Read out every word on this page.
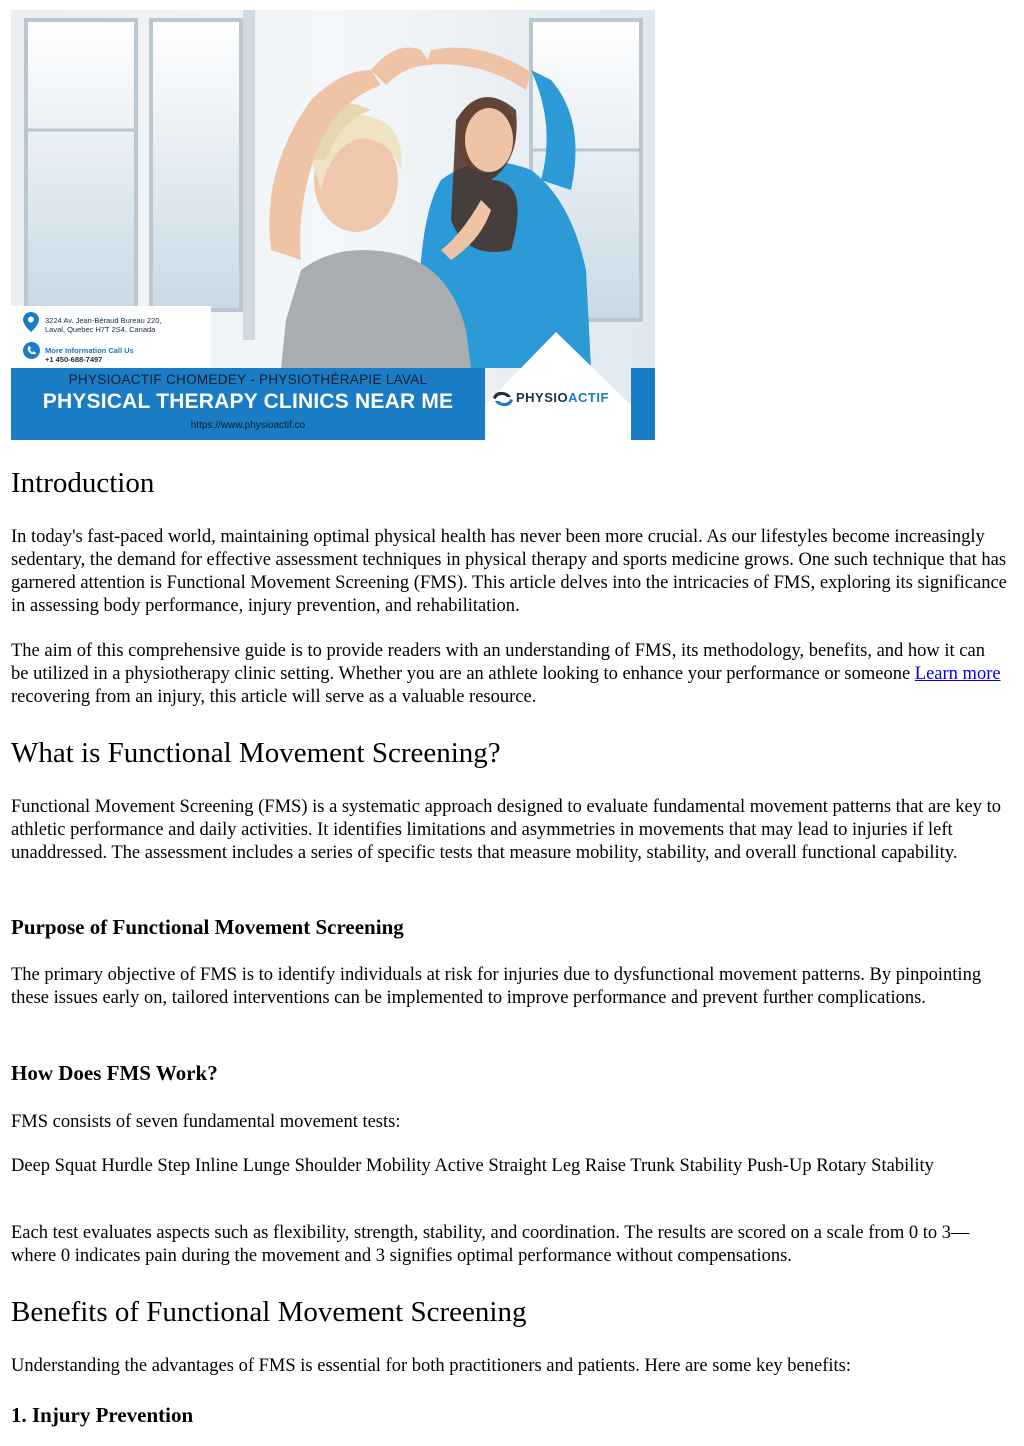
3224 Av. Jean-Béraud Bureau 220,
Laval, Quebec H7T 2S4, Canada
More Information Call Us
+1 450-688-7497
PHYSIOACTIF CHOMEDEY - PHYSIOTHÉRAPIE LAVAL
PHYSICAL THERAPY CLINICS NEAR ME
https://www.physioactif.co
PHYSIOACTIF
Introduction

In today's fast-paced world, maintaining optimal physical health has never been more crucial. As our lifestyles become increasingly sedentary, the demand for effective assessment techniques in physical therapy and sports medicine grows. One such technique that has garnered attention is Functional Movement Screening (FMS). This article delves into the intricacies of FMS, exploring its significance in assessing body performance, injury prevention, and rehabilitation.

The aim of this comprehensive guide is to provide readers with an understanding of FMS, its methodology, benefits, and how it can be utilized in a physiotherapy clinic setting. Whether you are an athlete looking to enhance your performance or someone Learn more recovering from an injury, this article will serve as a valuable resource.

What is Functional Movement Screening?

Functional Movement Screening (FMS) is a systematic approach designed to evaluate fundamental movement patterns that are key to athletic performance and daily activities. It identifies limitations and asymmetries in movements that may lead to injuries if left unaddressed. The assessment includes a series of specific tests that measure mobility, stability, and overall functional capability.

Purpose of Functional Movement Screening

The primary objective of FMS is to identify individuals at risk for injuries due to dysfunctional movement patterns. By pinpointing these issues early on, tailored interventions can be implemented to improve performance and prevent further complications.

How Does FMS Work?

FMS consists of seven fundamental movement tests:

Deep Squat Hurdle Step Inline Lunge Shoulder Mobility Active Straight Leg Raise Trunk Stability Push-Up Rotary Stability

Each test evaluates aspects such as flexibility, strength, stability, and coordination. The results are scored on a scale from 0 to 3—where 0 indicates pain during the movement and 3 signifies optimal performance without compensations.

Benefits of Functional Movement Screening

Understanding the advantages of FMS is essential for both practitioners and patients. Here are some key benefits:

1. Injury Prevention
